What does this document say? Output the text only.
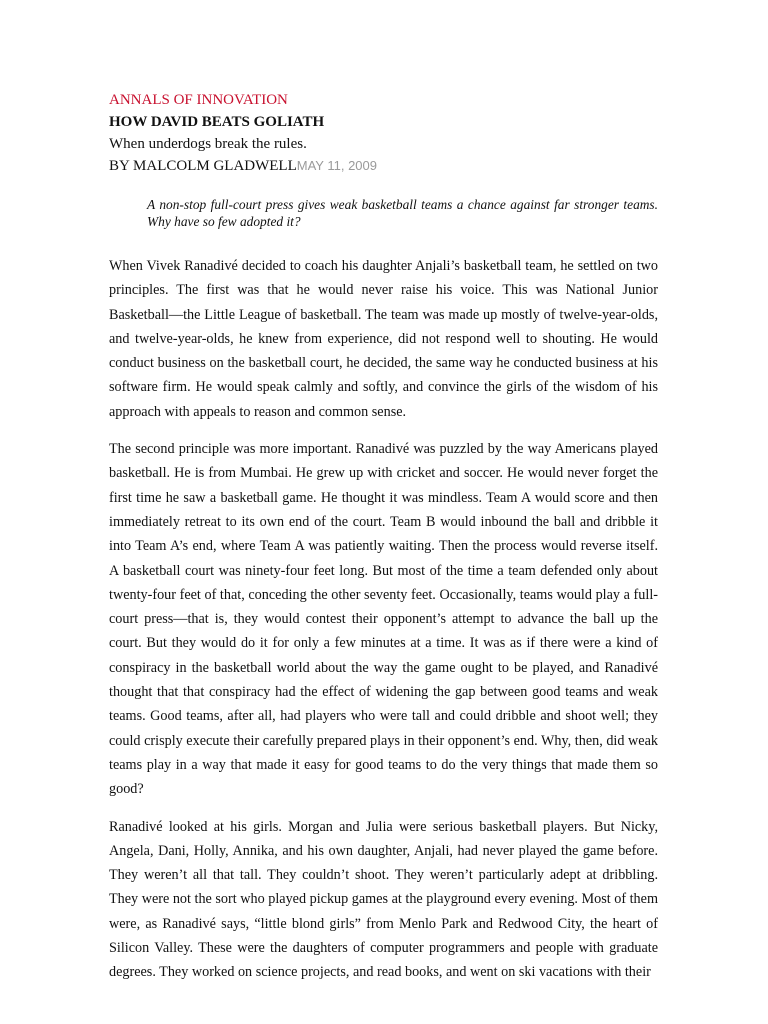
ANNALS OF INNOVATION
HOW DAVID BEATS GOLIATH
When underdogs break the rules.
BY MALCOLM GLADWELLMAY 11, 2009
A non-stop full-court press gives weak basketball teams a chance against far stronger teams. Why have so few adopted it?

When Vivek Ranadivé decided to coach his daughter Anjali’s basketball team, he settled on two principles. The first was that he would never raise his voice. This was National Junior Basketball—the Little League of basketball. The team was made up mostly of twelve-year-olds, and twelve-year-olds, he knew from experience, did not respond well to shouting. He would conduct business on the basketball court, he decided, the same way he conducted business at his software firm. He would speak calmly and softly, and convince the girls of the wisdom of his approach with appeals to reason and common sense.

The second principle was more important. Ranadivé was puzzled by the way Americans played basketball. He is from Mumbai. He grew up with cricket and soccer. He would never forget the first time he saw a basketball game. He thought it was mindless. Team A would score and then immediately retreat to its own end of the court. Team B would inbound the ball and dribble it into Team A’s end, where Team A was patiently waiting. Then the process would reverse itself. A basketball court was ninety-four feet long. But most of the time a team defended only about twenty-four feet of that, conceding the other seventy feet. Occasionally, teams would play a full-court press—that is, they would contest their opponent’s attempt to advance the ball up the court. But they would do it for only a few minutes at a time. It was as if there were a kind of conspiracy in the basketball world about the way the game ought to be played, and Ranadivé thought that that conspiracy had the effect of widening the gap between good teams and weak teams. Good teams, after all, had players who were tall and could dribble and shoot well; they could crisply execute their carefully prepared plays in their opponent’s end. Why, then, did weak teams play in a way that made it easy for good teams to do the very things that made them so good?

Ranadivé looked at his girls. Morgan and Julia were serious basketball players. But Nicky, Angela, Dani, Holly, Annika, and his own daughter, Anjali, had never played the game before. They weren’t all that tall. They couldn’t shoot. They weren’t particularly adept at dribbling. They were not the sort who played pickup games at the playground every evening. Most of them were, as Ranadivé says, “little blond girls” from Menlo Park and Redwood City, the heart of Silicon Valley. These were the daughters of computer programmers and people with graduate degrees. They worked on science projects, and read books, and went on ski vacations with their
